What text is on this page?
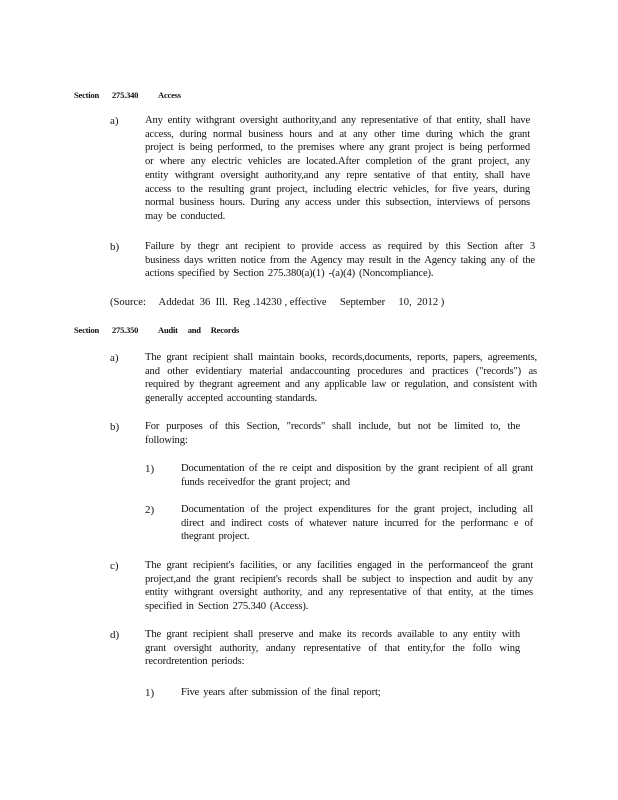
Section 275.340 Access
a) Any entity withgrant oversight authority,and any representative of that entity, shall have access, during normal business hours and at any other time during which the grant project is being performed, to the premises where any grant project is being performed or where any electric vehicles are located.After completion of the grant project, any entity withgrant oversight authority,and any repre sentative of that entity, shall have access to the resulting grant project, including electric vehicles, for five years, during normal business hours. During any access under this subsection, interviews of persons may be conducted.
b) Failure by thegr ant recipient to provide access as required by this Section after 3 business days written notice from the Agency may result in the Agency taking any of the actions specified by Section 275.380(a)(1) -(a)(4) (Noncompliance).
(Source:     Addedat  36  Ill.  Reg .14230 , effective     September     10,  2012 )
Section 275.350 Audit and Records
a) The grant recipient shall maintain books, records,documents, reports, papers, agreements, and other evidentiary material andaccounting procedures and practices ("records") as required by thegrant agreement and any applicable law or regulation, and consistent with generally accepted accounting standards.
b) For purposes of this Section, "records" shall include, but not be limited to, the following:
1)	Documentation of the re ceipt and disposition by the grant recipient of all grant funds receivedfor the grant project; and
2)	Documentation of the project expenditures for the grant project, including all direct and indirect costs of whatever nature incurred for the performanc e of thegrant project.
c) The grant recipient's facilities, or any facilities engaged in the performanceof the grant project,and the grant recipient's records shall be subject to inspection and audit by any entity withgrant oversight authority, and any representative of that entity, at the times specified in Section 275.340 (Access).
d) The grant recipient shall preserve and make its records available to any entity with grant oversight authority, andany representative of that entity,for the follo wing recordretention periods:
1)	Five years after submission of the final report;
